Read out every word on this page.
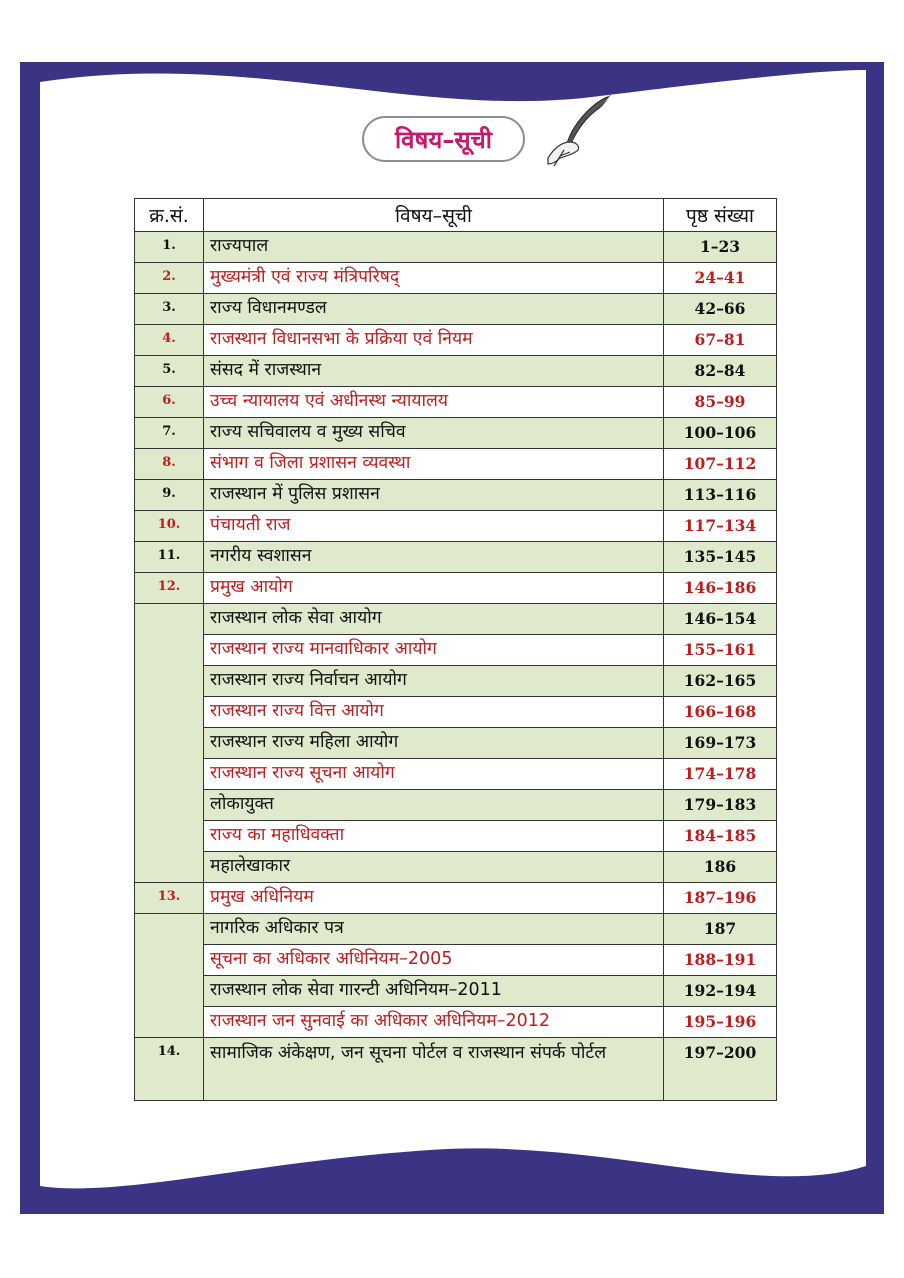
विषय–सूची
क्र.सं.	विषय–सूची	पृष्ठ संख्या
1.	राज्यपाल	1–23
2.	मुख्यमंत्री एवं राज्य मंत्रिपरिषद्	24–41
3.	राज्य विधानमण्डल	42–66
4.	राजस्थान विधानसभा के प्रक्रिया एवं नियम	67–81
5.	संसद में राजस्थान	82–84
6.	उच्च न्यायालय एवं अधीनस्थ न्यायालय	85–99
7.	राज्य सचिवालय व मुख्य सचिव	100–106
8.	संभाग व जिला प्रशासन व्यवस्था	107–112
9.	राजस्थान में पुलिस प्रशासन	113–116
10.	पंचायती राज	117–134
11.	नगरीय स्वशासन	135–145
12.	प्रमुख आयोग	146–186
	राजस्थान लोक सेवा आयोग	146–154
	राजस्थान राज्य मानवाधिकार आयोग	155–161
	राजस्थान राज्य निर्वाचन आयोग	162–165
	राजस्थान राज्य वित्त आयोग	166–168
	राजस्थान राज्य महिला आयोग	169–173
	राजस्थान राज्य सूचना आयोग	174–178
	लोकायुक्त	179–183
	राज्य का महाधिवक्ता	184–185
	महालेखाकार	186
13.	प्रमुख अधिनियम	187–196
	नागरिक अधिकार पत्र	187
	सूचना का अधिकार अधिनियम–2005	188–191
	राजस्थान लोक सेवा गारन्टी अधिनियम–2011	192–194
	राजस्थान जन सुनवाई का अधिकार अधिनियम–2012	195–196
14.	सामाजिक अंकेक्षण, जन सूचना पोर्टल व राजस्थान संपर्क पोर्टल	197–200
